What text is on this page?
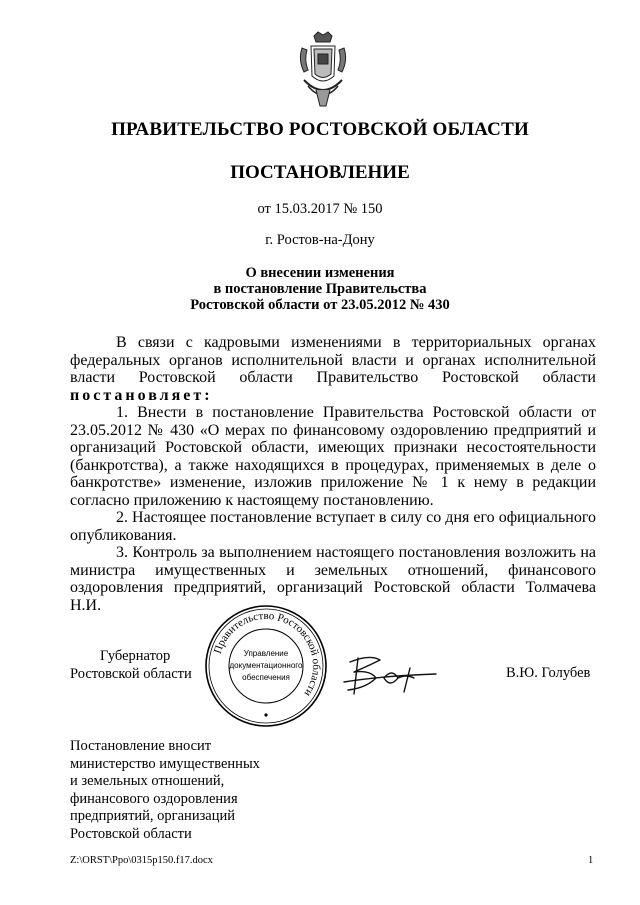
ПРАВИТЕЛЬСТВО РОСТОВСКОЙ ОБЛАСТИ
ПОСТАНОВЛЕНИЕ
от 15.03.2017 № 150
г. Ростов-на-Дону
О внесении изменения
в постановление Правительства
Ростовской области от 23.05.2012 № 430

В связи с кадровыми изменениями в территориальных органах федеральных органов исполнительной власти и органах исполнительной власти Ростовской области Правительство Ростовской области постановляет:

1. Внести в постановление Правительства Ростовской области от 23.05.2012 № 430 «О мерах по финансовому оздоровлению предприятий и организаций Ростовской области, имеющих признаки несостоятельности (банкротства), а также находящихся в процедурах, применяемых в деле о банкротстве» изменение, изложив приложение № 1 к нему в редакции согласно приложению к настоящему постановлению.

2. Настоящее постановление вступает в силу со дня его официального опубликования.

3. Контроль за выполнением настоящего постановления возложить на министра имущественных и земельных отношений, финансового оздоровления предприятий, организаций Ростовской области Толмачева Н.И.

Губернатор
Ростовской области
Правительство Ростовской области
Управление
документационного
обеспечения	В.Ю. Голубев
Постановление вносит
министерство имущественных
и земельных отношений,
финансового оздоровления
предприятий, организаций
Ростовской области
Z:\ORST\Ppo\0315p150.f17.docx	1
